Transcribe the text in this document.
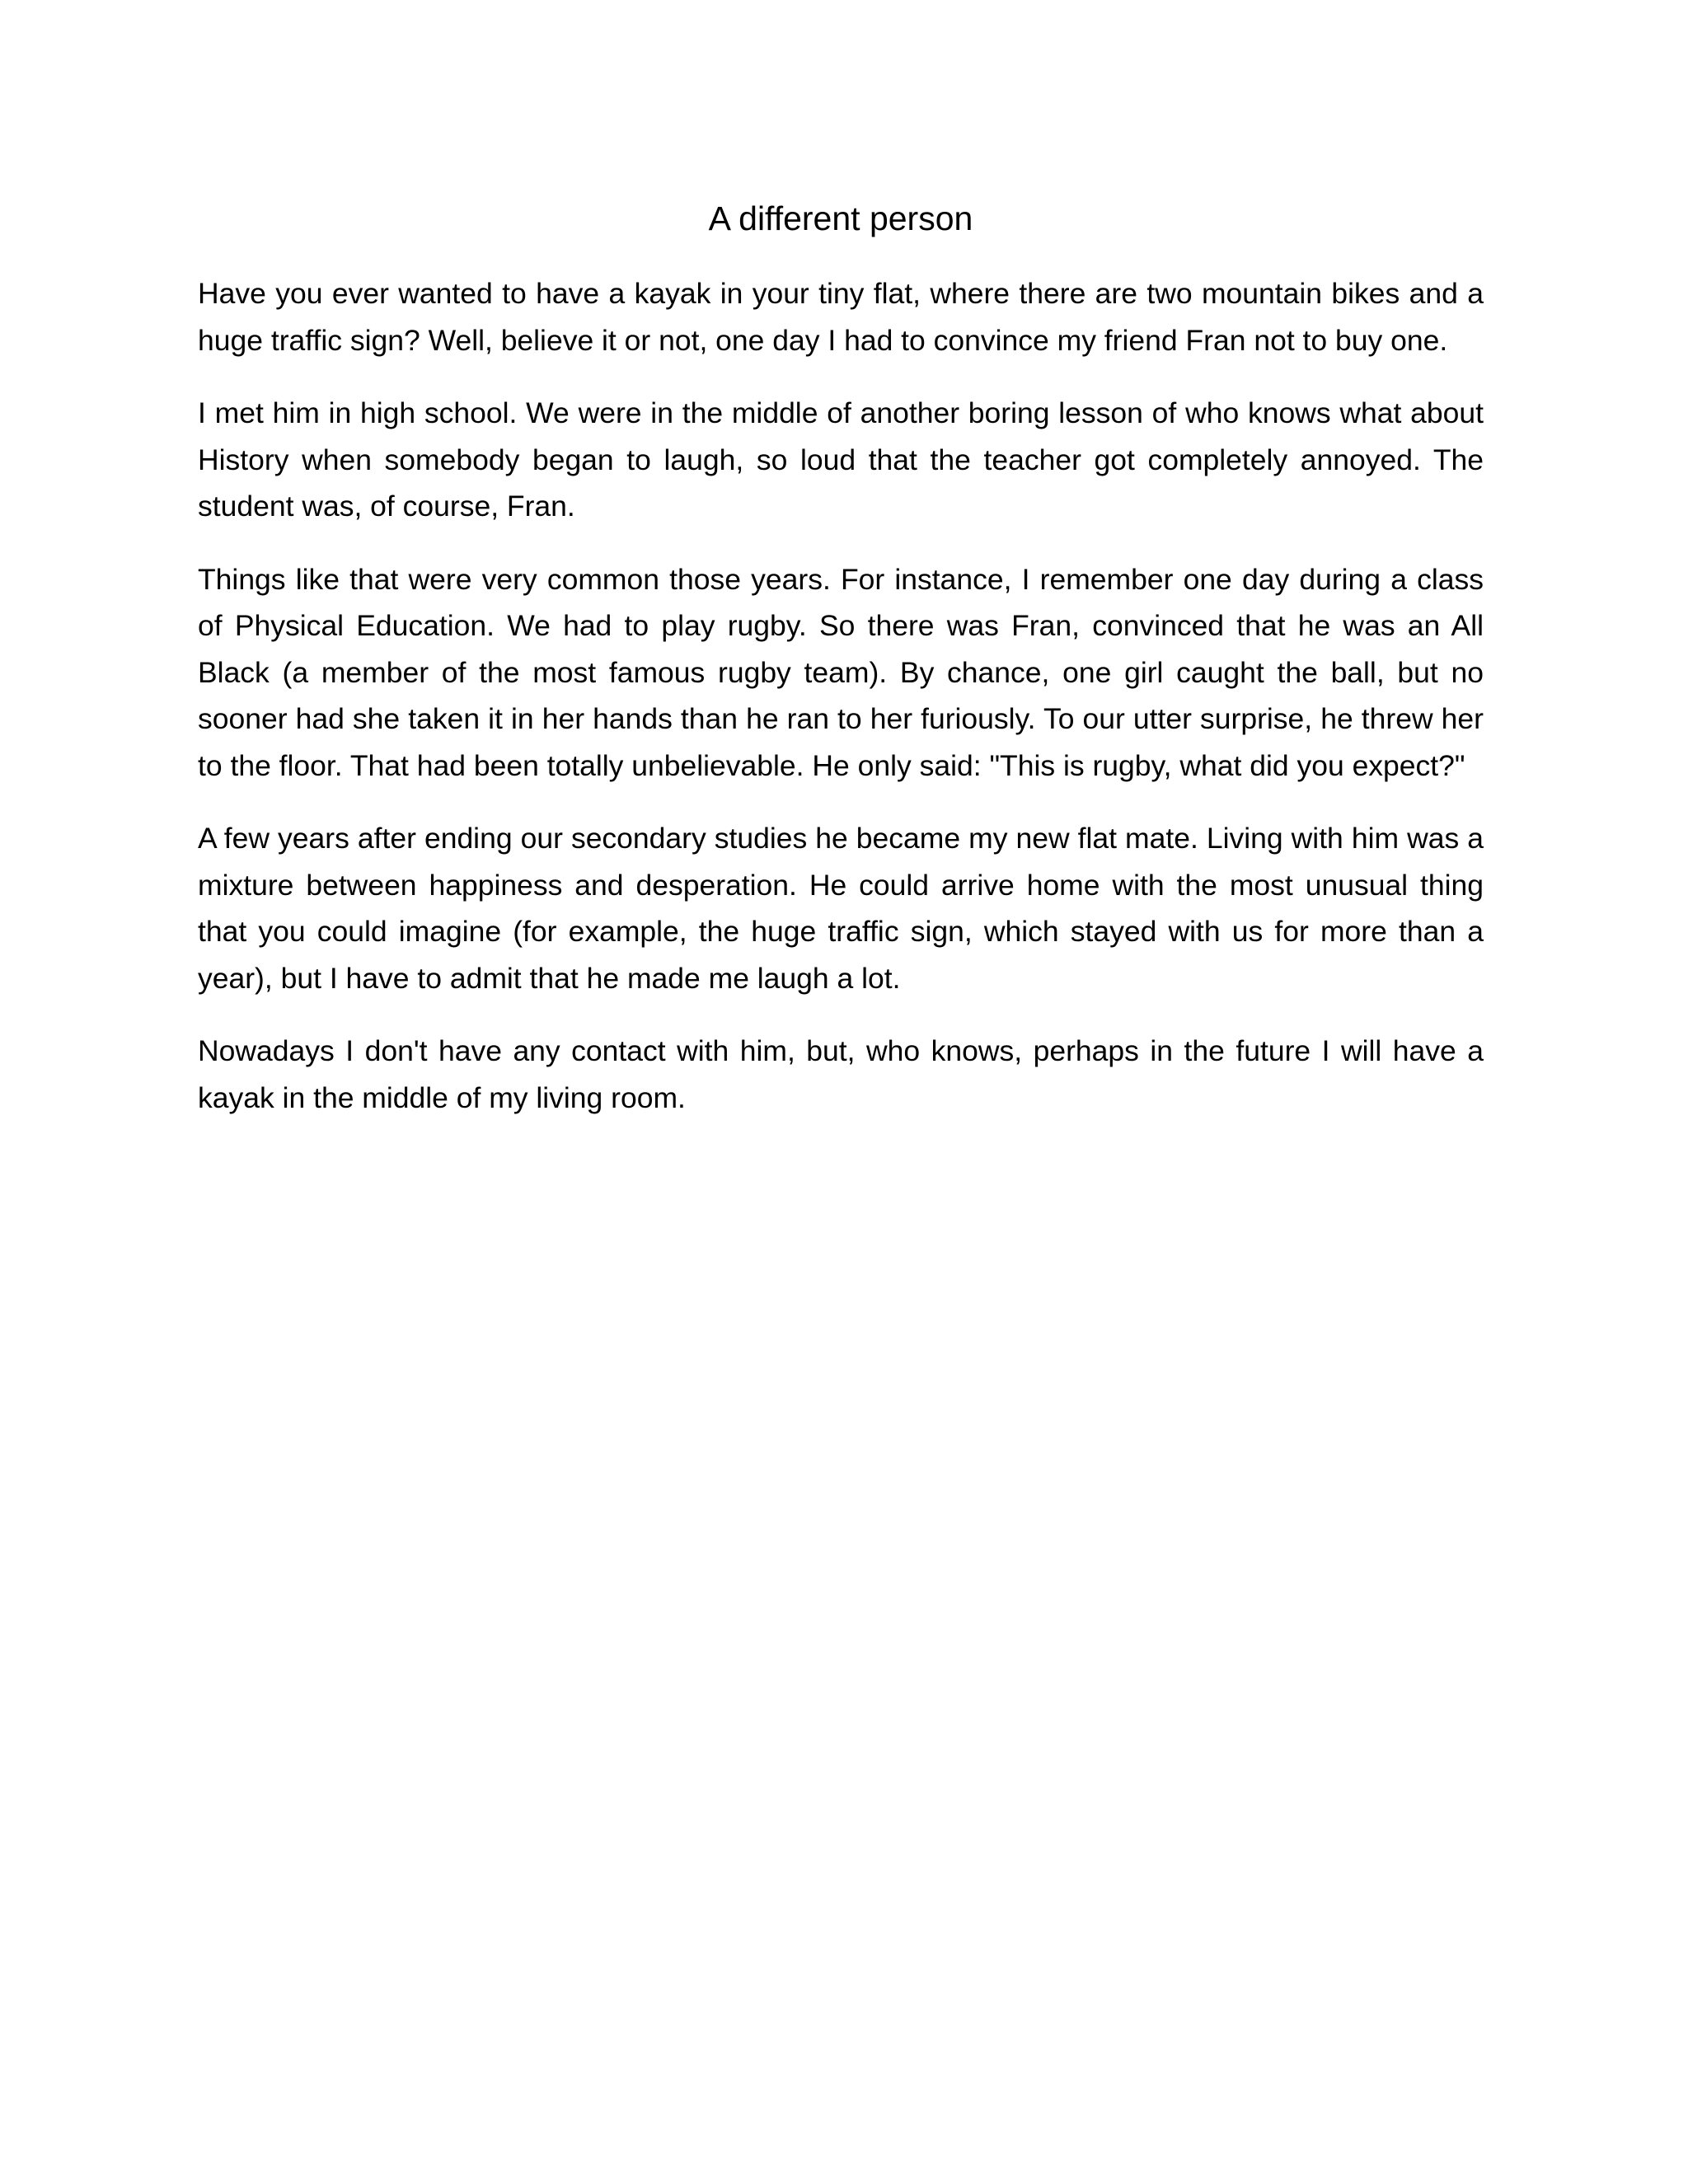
A different person

Have you ever wanted to have a kayak in your tiny flat, where there are two mountain bikes and a huge traffic sign? Well, believe it or not, one day I had to convince my friend Fran not to buy one.

I met him in high school. We were in the middle of another boring lesson of who knows what about History when somebody began to laugh, so loud that the teacher got completely annoyed. The student was, of course, Fran.

Things like that were very common those years. For instance, I remember one day during a class of Physical Education. We had to play rugby. So there was Fran, convinced that he was an All Black (a member of the most famous rugby team). By chance, one girl caught the ball, but no sooner had she taken it in her hands than he ran to her furiously. To our utter surprise, he threw her to the floor. That had been totally unbelievable. He only said: "This is rugby, what did you expect?"

A few years after ending our secondary studies he became my new flat mate. Living with him was a mixture between happiness and desperation. He could arrive home with the most unusual thing that you could imagine (for example, the huge traffic sign, which stayed with us for more than a year), but I have to admit that he made me laugh a lot.

Nowadays I don't have any contact with him, but, who knows, perhaps in the future I will have a kayak in the middle of my living room.
